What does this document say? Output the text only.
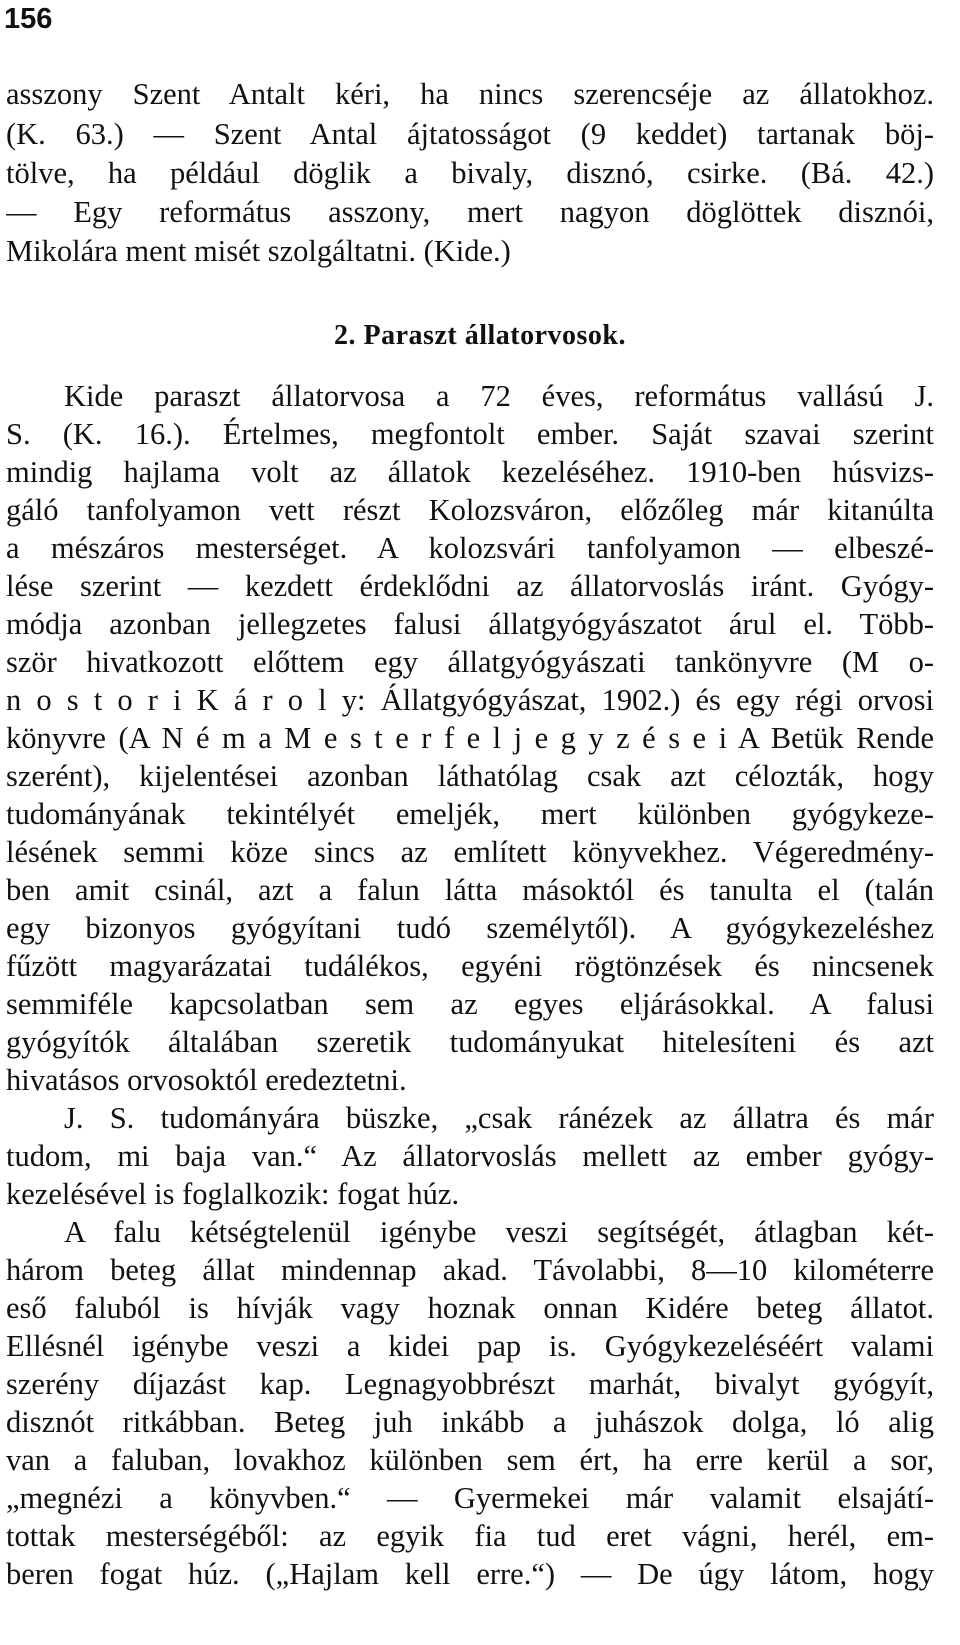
156
asszony Szent Antalt kéri, ha nincs szerencséje az állatokhoz.
(K. 63.) — Szent Antal ájtatosságot (9 keddet) tartanak böj-
tölve, ha például döglik a bivaly, disznó, csirke. (Bá. 42.)
— Egy református asszony, mert nagyon döglöttek disznói,
Mikolára ment misét szolgáltatni. (Kide.)
2. Paraszt állatorvosok.
Kide paraszt állatorvosa a 72 éves, református vallású J.
S. (K. 16.). Értelmes, megfontolt ember. Saját szavai szerint
mindig hajlama volt az állatok kezeléséhez. 1910-ben húsvizs-
gáló tanfolyamon vett részt Kolozsváron, előzőleg már kitanúlta
a mészáros mesterséget. A kolozsvári tanfolyamon — elbeszé-
lése szerint — kezdett érdeklődni az állatorvoslás iránt. Gyógy-
módja azonban jellegzetes falusi állatgyógyászatot árul el. Több-
ször hivatkozott előttem egy állatgyógyászati tankönyvre (M o-
n o s t o r i K á r o l y: Állatgyógyászat, 1902.) és egy régi orvosi
könyvre (A N é m a M e s t e r f e l j e g y z é s e i A Betük Rende
szerént), kijelentései azonban láthatólag csak azt célozták, hogy
tudományának tekintélyét emeljék, mert különben gyógykeze-
lésének semmi köze sincs az említett könyvekhez. Végeredmény-
ben amit csinál, azt a falun látta másoktól és tanulta el (talán
egy bizonyos gyógyítani tudó személytől). A gyógykezeléshez
fűzött magyarázatai tudálékos, egyéni rögtönzések és nincsenek
semmiféle kapcsolatban sem az egyes eljárásokkal. A falusi
gyógyítók általában szeretik tudományukat hitelesíteni és azt
hivatásos orvosoktól eredeztetni.
J. S. tudományára büszke, „csak ránézek az állatra és már
tudom, mi baja van.“ Az állatorvoslás mellett az ember gyógy-
kezelésével is foglalkozik: fogat húz.
A falu kétségtelenül igénybe veszi segítségét, átlagban két-
három beteg állat mindennap akad. Távolabbi, 8—10 kilométerre
eső faluból is hívják vagy hoznak onnan Kidére beteg állatot.
Ellésnél igénybe veszi a kidei pap is. Gyógykezeléséért valami
szerény díjazást kap. Legnagyobbrészt marhát, bivalyt gyógyít,
disznót ritkábban. Beteg juh inkább a juhászok dolga, ló alig
van a faluban, lovakhoz különben sem ért, ha erre kerül a sor,
„megnézi a könyvben.“ — Gyermekei már valamit elsajátí-
tottak mesterségéből: az egyik fia tud eret vágni, herél, em-
beren fogat húz. („Hajlam kell erre.“) — De úgy látom, hogy
